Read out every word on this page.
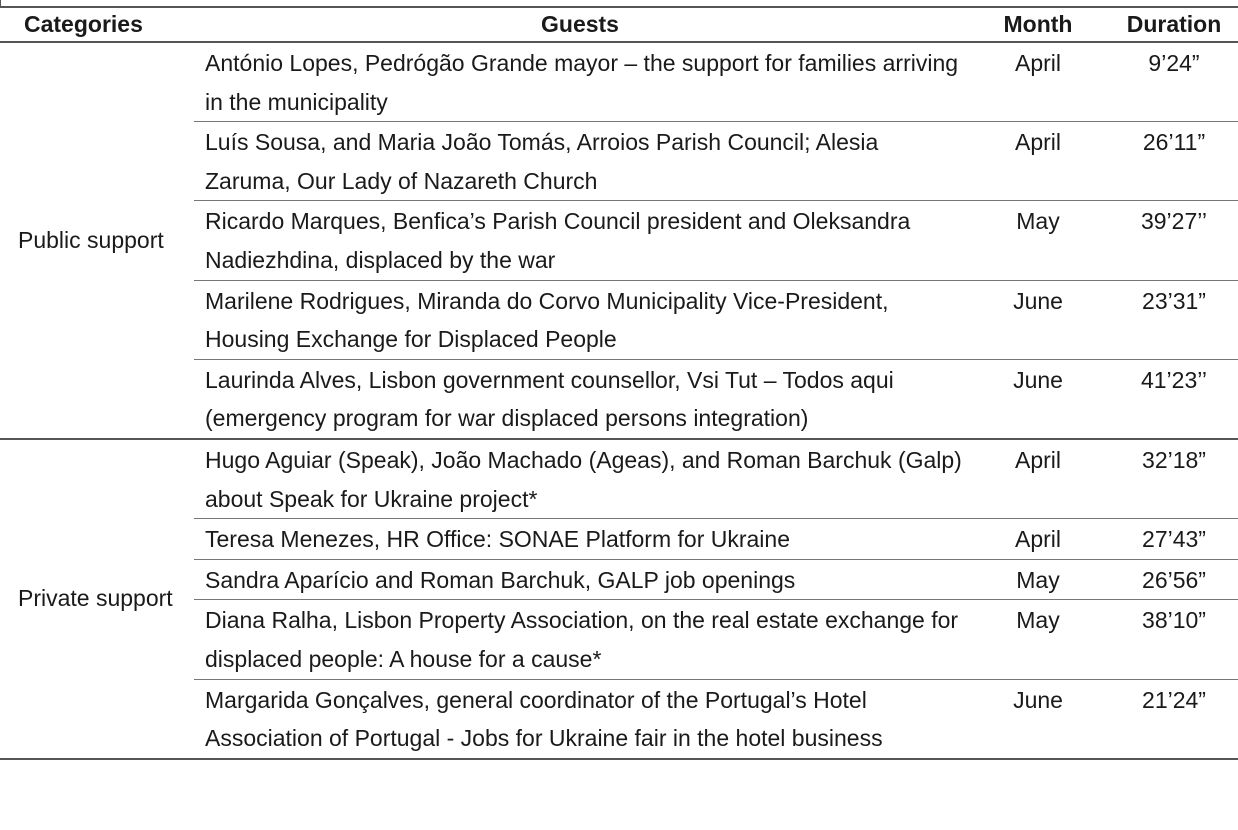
Categories	Guests	Month	Duration
Public support	António Lopes, Pedrógão Grande mayor – the support for families arriving in the municipality	April	9’24”
	Luís Sousa, and Maria João Tomás, Arroios Parish Council; Alesia Zaruma, Our Lady of Nazareth Church	April	26’11”
	Ricardo Marques, Benfica’s Parish Council president and Oleksandra Nadiezhdina, displaced by the war	May	39’27’’
	Marilene Rodrigues, Miranda do Corvo Municipality Vice-President, Housing Exchange for Displaced People	June	23’31”
	Laurinda Alves, Lisbon government counsellor, Vsi Tut – Todos aqui (emergency program for war displaced persons integration)	June	41’23’’
Private support	Hugo Aguiar (Speak), João Machado (Ageas), and Roman Barchuk (Galp) about Speak for Ukraine project*	April	32’18”
	Teresa Menezes, HR Office: SONAE Platform for Ukraine	April	27’43”
	Sandra Aparício and Roman Barchuk, GALP job openings	May	26’56”
	Diana Ralha, Lisbon Property Association, on the real estate exchange for displaced people: A house for a cause*	May	38’10”
	Margarida Gonçalves, general coordinator of the Portugal’s Hotel Association of Portugal - Jobs for Ukraine fair in the hotel business	June	21’24”
